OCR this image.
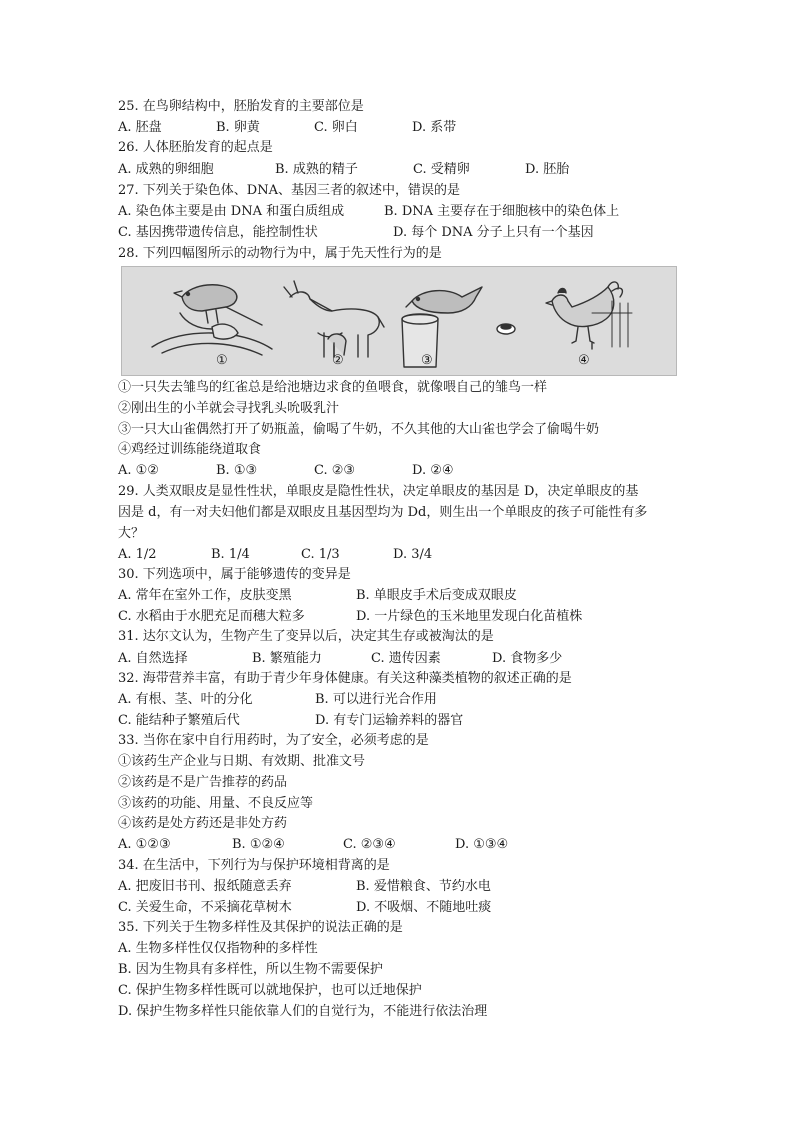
25. 在鸟卵结构中，胚胎发育的主要部位是
A. 胚盘	B. 卵黄	C. 卵白	D. 系带
26. 人体胚胎发育的起点是
A. 成熟的卵细胞	B. 成熟的精子	C. 受精卵	D. 胚胎
27. 下列关于染色体、DNA、基因三者的叙述中，错误的是
A. 染色体主要是由 DNA 和蛋白质组成	B. DNA 主要存在于细胞核中的染色体上
C. 基因携带遗传信息，能控制性状	D. 每个 DNA 分子上只有一个基因
28. 下列四幅图所示的动物行为中，属于先天性行为的是
①	②	③	④
①一只失去雏鸟的红雀总是给池塘边求食的鱼喂食，就像喂自己的雏鸟一样
②刚出生的小羊就会寻找乳头吮吸乳汁
③一只大山雀偶然打开了奶瓶盖，偷喝了牛奶，不久其他的大山雀也学会了偷喝牛奶
④鸡经过训练能绕道取食
A. ①②	B. ①③	C. ②③	D. ②④
29. 人类双眼皮是显性性状，单眼皮是隐性性状，决定单眼皮的基因是 D，决定单眼皮的基
因是 d，有一对夫妇他们都是双眼皮且基因型均为 Dd，则生出一个单眼皮的孩子可能性有多
大？
A. 1/2	B. 1/4	C. 1/3	D. 3/4
30. 下列选项中，属于能够遗传的变异是
A. 常年在室外工作，皮肤变黑	B. 单眼皮手术后变成双眼皮
C. 水稻由于水肥充足而穗大粒多	D. 一片绿色的玉米地里发现白化苗植株
31. 达尔文认为，生物产生了变异以后，决定其生存或被淘汰的是
A. 自然选择	B. 繁殖能力	C. 遗传因素	D. 食物多少
32. 海带营养丰富，有助于青少年身体健康。有关这种藻类植物的叙述正确的是
A. 有根、茎、叶的分化	B. 可以进行光合作用
C. 能结种子繁殖后代	D. 有专门运输养料的器官
33. 当你在家中自行用药时，为了安全，必须考虑的是
①该药生产企业与日期、有效期、批准文号
②该药是不是广告推荐的药品
③该药的功能、用量、不良反应等
④该药是处方药还是非处方药
A. ①②③	B. ①②④	C. ②③④	D. ①③④
34. 在生活中，下列行为与保护环境相背离的是
A. 把废旧书刊、报纸随意丢弃	B. 爱惜粮食、节约水电
C. 关爱生命，不采摘花草树木	D. 不吸烟、不随地吐痰
35. 下列关于生物多样性及其保护的说法正确的是
A. 生物多样性仅仅指物种的多样性
B. 因为生物具有多样性，所以生物不需要保护
C. 保护生物多样性既可以就地保护，也可以迁地保护
D. 保护生物多样性只能依靠人们的自觉行为，不能进行依法治理
